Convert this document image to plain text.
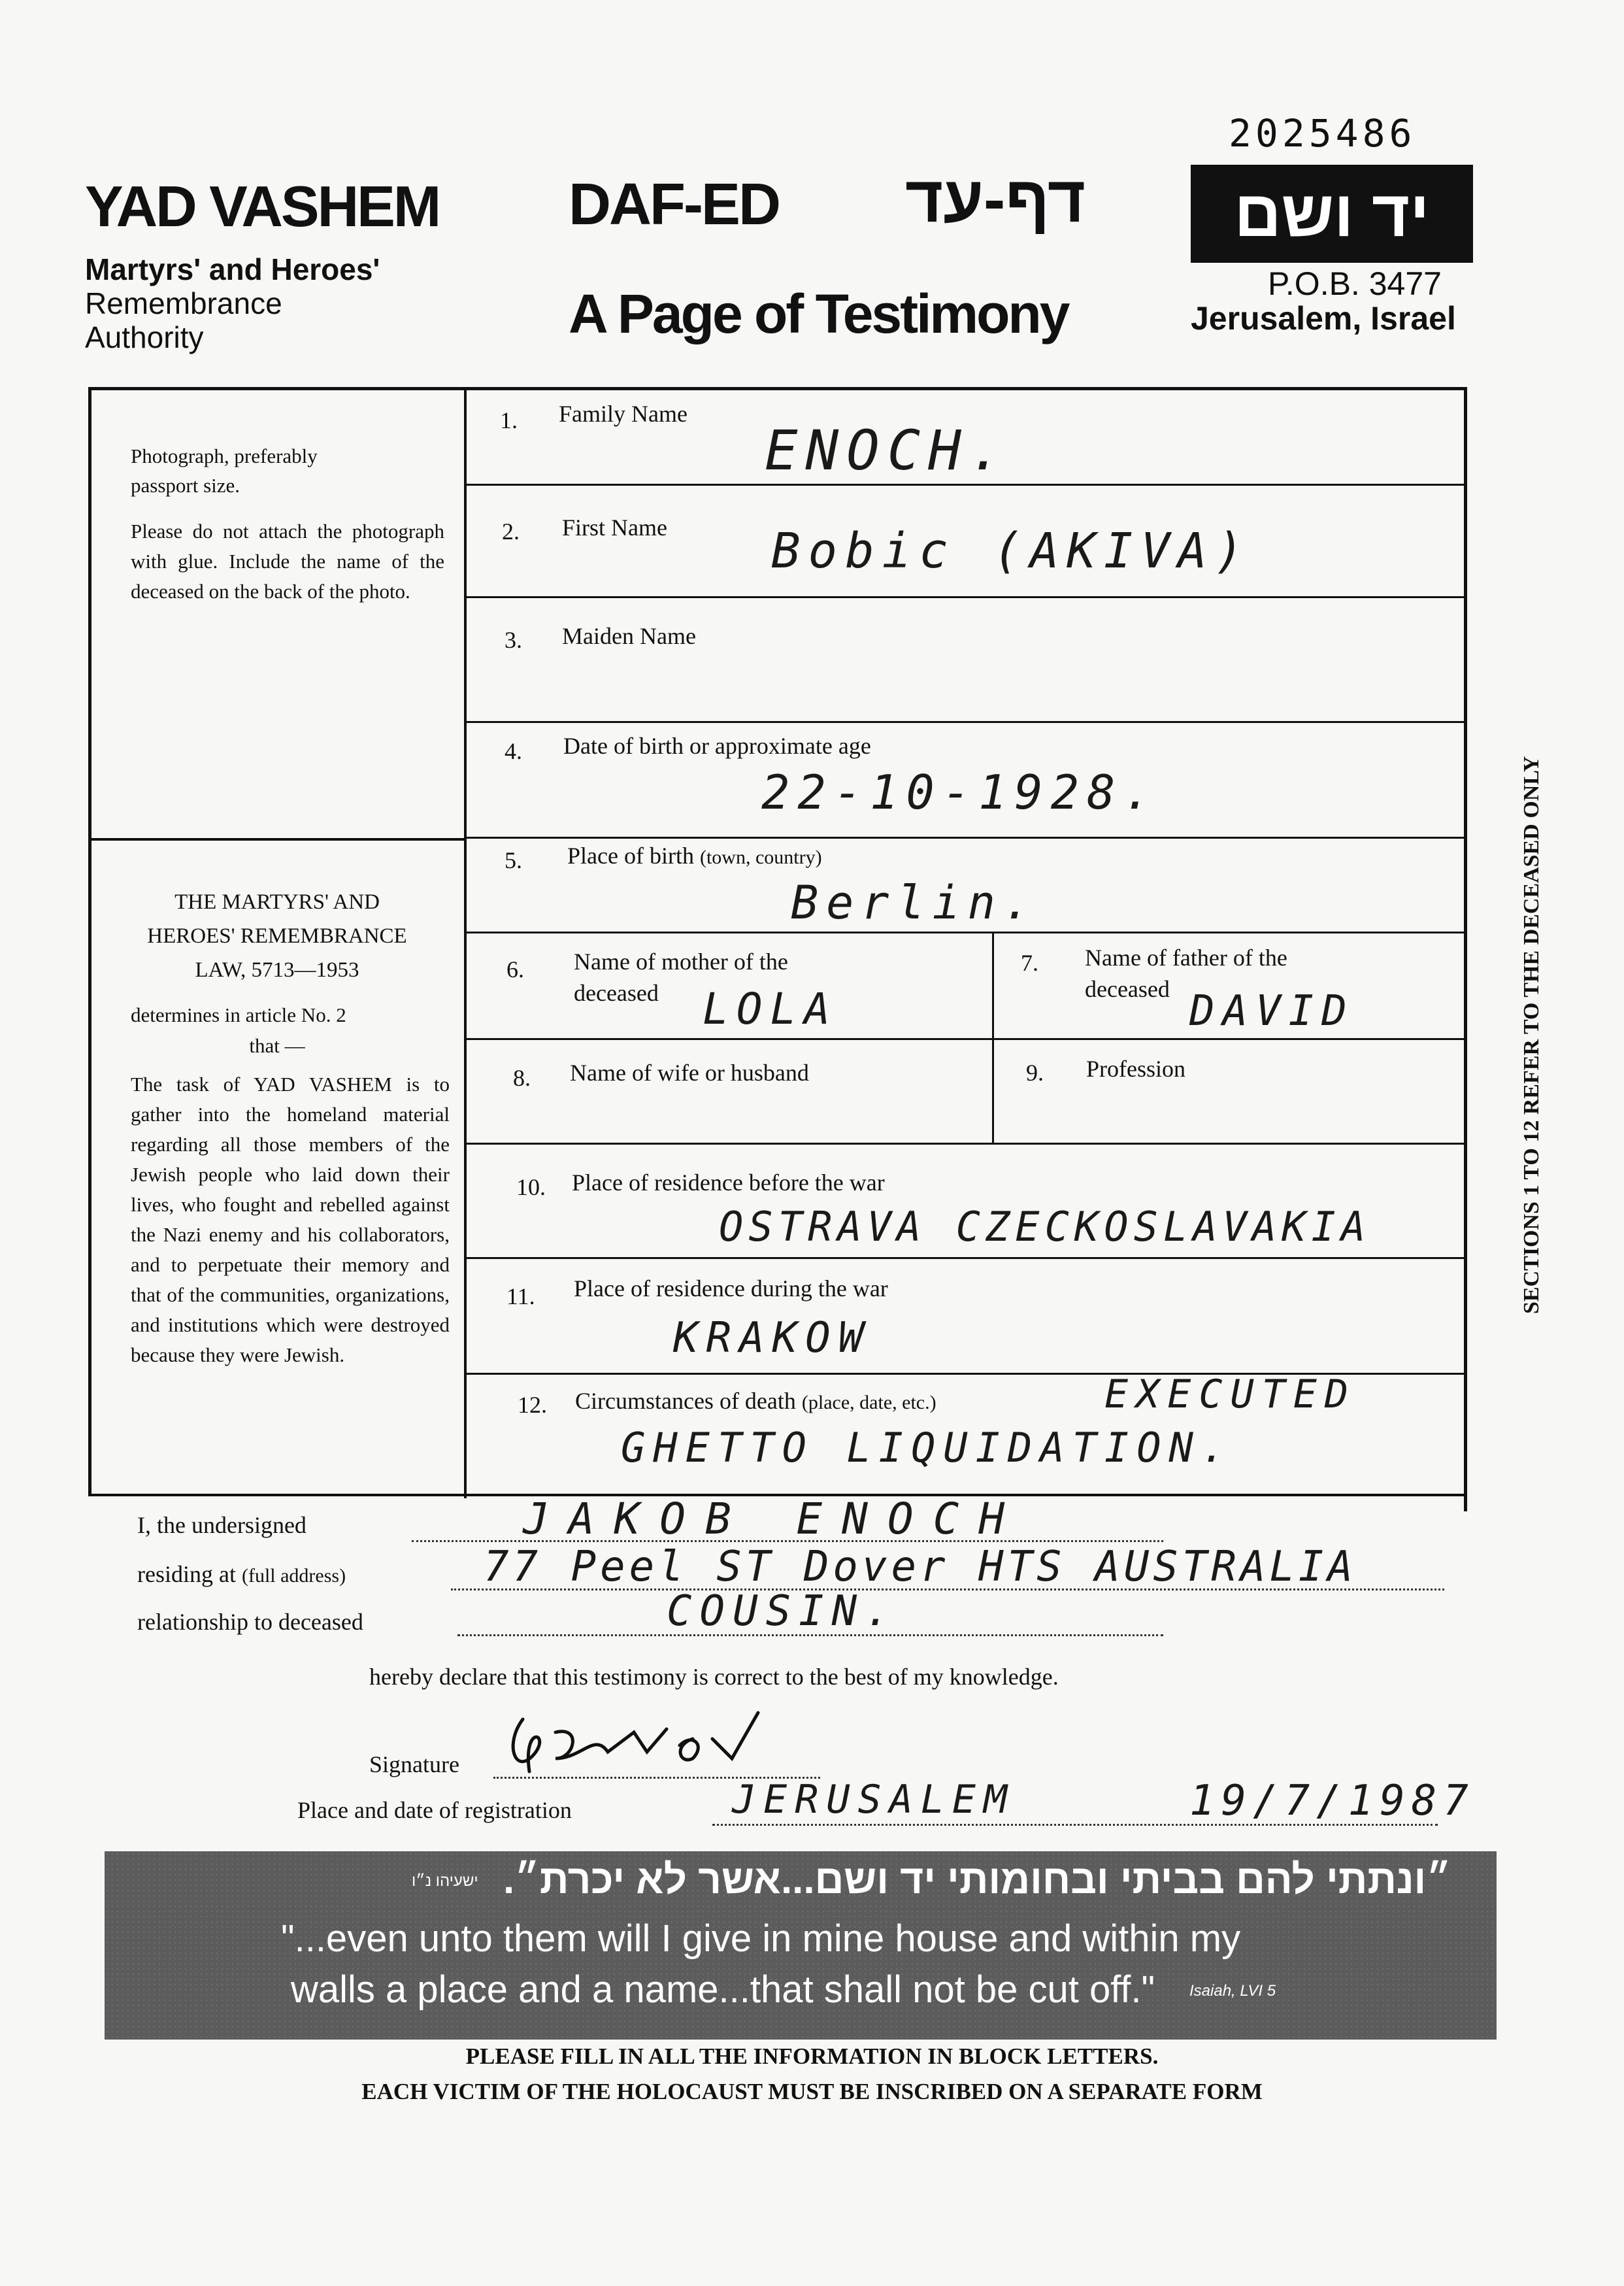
2025486
YAD VASHEM
Martyrs' and Heroes'
Remembrance
Authority
DAF-ED דף-עד
A Page of Testimony
יד ושם
P.O.B. 3477
Jerusalem, Israel
Photograph, preferably
passport size.
Please do not attach the photograph with glue. Include the name of the deceased on the back of the photo.
THE MARTYRS' AND
HEROES' REMEMBRANCE
LAW, 5713—1953
determines in article No. 2
that —
The task of YAD VASHEM is to gather into the homeland material regarding all those members of the Jewish people who laid down their lives, who fought and rebelled against the Nazi enemy and his collaborators, and to perpetuate their memory and that of the communities, organizations, and institutions which were destroyed because they were Jewish.
SECTIONS 1 TO 12 REFER TO THE DECEASED ONLY
1. Family Name
ENOCH.
2. First Name Bobic (AKIVA)
3. Maiden Name
4. Date of birth or approximate age
22-10-1928.
5. Place of birth (town, country)
Berlin.
6. Name of mother of the
deceased LOLA
7. Name of father of the
deceased DAVID
8. Name of wife or husband	9. Profession
10. Place of residence before the war
OSTRAVA CZECKOSLAVAKIA
11. Place of residence during the war
KRAKOW
12. Circumstances of death (place, date, etc.)	EXECUTED
GHETTO LIQUIDATION.
I, the undersigned	JAKOB ENOCH
residing at (full address)	77 Peel ST Dover HTS AUSTRALIA
relationship to deceased	COUSIN.
hereby declare that this testimony is correct to the best of my knowledge.
Signature
Place and date of registration	JERUSALEM	19/7/1987
״ונתתי להם בביתי ובחומותי יד ושם...אשר לא יכרת״.
ישעיהו נ״ו
"...even unto them will I give in mine house and within my
walls a place and a name...that shall not be cut off." Isaiah, LVI 5
PLEASE FILL IN ALL THE INFORMATION IN BLOCK LETTERS.
EACH VICTIM OF THE HOLOCAUST MUST BE INSCRIBED ON A SEPARATE FORM
